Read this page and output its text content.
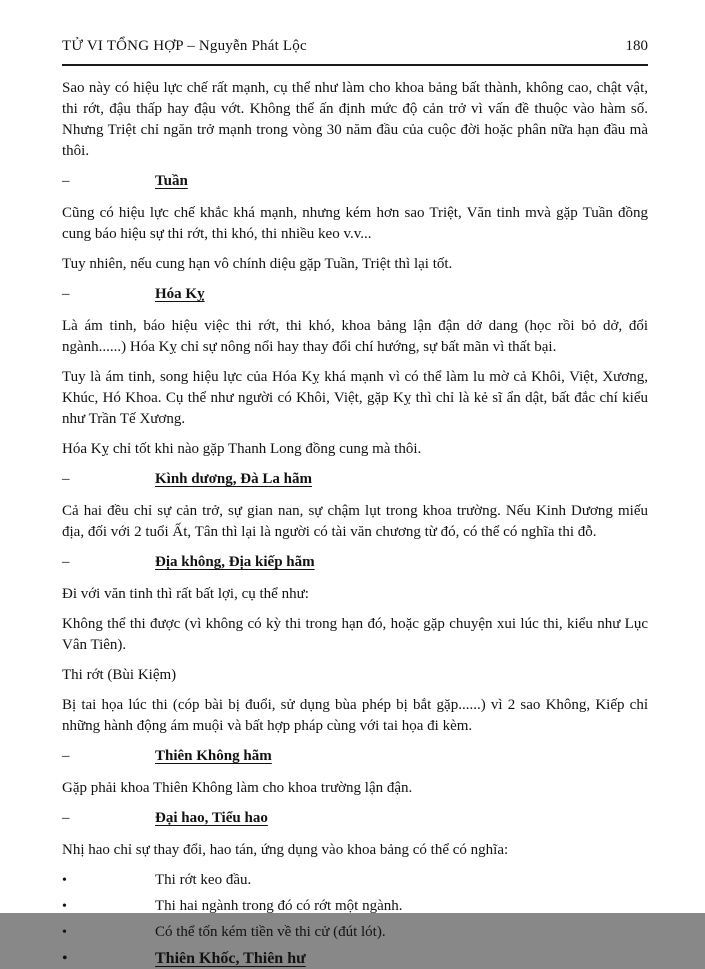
TỬ VI TỔNG HỢP – Nguyễn Phát Lộc	180

Sao này có hiệu lực chế rất mạnh, cụ thể như làm cho khoa bảng bất thành, không cao, chật vật, thi rớt, đậu thấp hay đậu vớt. Không thể ấn định mức độ cản trở vì vấn đề thuộc vào hàm số. Nhưng Triệt chỉ ngăn trở mạnh trong vòng 30 năm đầu của cuộc đời hoặc phân nữa hạn đầu mà thôi.

–	Tuần

Cũng có hiệu lực chế khắc khá mạnh, nhưng kém hơn sao Triệt, Văn tinh mvà gặp Tuần đồng cung báo hiệu sự thi rớt, thi khó, thi nhiều keo v.v...

Tuy nhiên, nếu cung hạn vô chính diệu gặp Tuần, Triệt thì lại tốt.

–	Hóa Kỵ

Là ám tinh, báo hiệu việc thi rớt, thi khó, khoa bảng lận đận dở dang (học rồi bỏ dở, đổi ngành......) Hóa Kỵ chỉ sự nông nổi hay thay đổi chí hướng, sự bất mãn vì thất bại.

Tuy là ám tinh, song hiệu lực của Hóa Kỵ khá mạnh vì có thể làm lu mờ cả Khôi, Việt, Xương, Khúc, Hó Khoa. Cụ thể như người có Khôi, Việt, gặp Kỵ thì chỉ là kẻ sĩ ẩn dật, bất đắc chí kiểu như Trần Tế Xương.

Hóa Kỵ chỉ tốt khi nào gặp Thanh Long đồng cung mà thôi.

–	Kình dương, Đà La hãm

Cả hai đều chỉ sự cản trở, sự gian nan, sự chậm lụt trong khoa trường. Nếu Kinh Dương miếu địa, đối với 2 tuổi Ất, Tân thì lại là người có tài văn chương từ đó, có thể có nghĩa thi đỗ.

–	Địa không, Địa kiếp hãm

Đi với văn tinh thì rất bất lợi, cụ thể như:

Không thể thi được (vì không có kỳ thi trong hạn đó, hoặc gặp chuyện xui lúc thi, kiểu như Lục Vân Tiên).

Thi rớt (Bùi Kiệm)

Bị tai họa lúc thi (cóp bài bị đuổi, sử dụng bùa phép bị bắt gặp......) vì 2 sao Không, Kiếp chỉ những hành động ám muội và bất hợp pháp cùng với tai họa đi kèm.

–	Thiên Không hãm

Gặp phải khoa Thiên Không làm cho khoa trường lận đận.

–	Đại hao, Tiểu hao

Nhị hao chỉ sự thay đổi, hao tán, ứng dụng vào khoa bảng có thể có nghĩa:

•	Thi rớt keo đầu.
•	Thi hai ngành trong đó có rớt một ngành.
•	Có thể tốn kém tiền về thi cử (đút lót).
•	Thiên Khốc, Thiên hư
